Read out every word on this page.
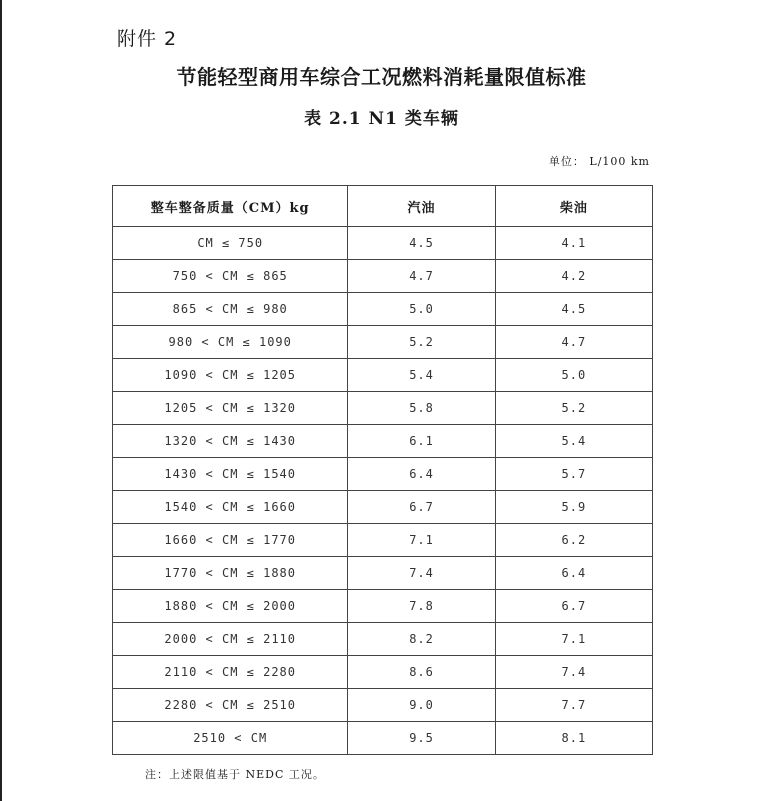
附件 2
节能轻型商用车综合工况燃料消耗量限值标准
表 2.1 N1 类车辆
单位： L/100 km
整车整备质量（CM）kg	汽油	柴油
CM ≤ 750	4.5	4.1
750 < CM ≤ 865	4.7	4.2
865 < CM ≤ 980	5.0	4.5
980 < CM ≤ 1090	5.2	4.7
1090 < CM ≤ 1205	5.4	5.0
1205 < CM ≤ 1320	5.8	5.2
1320 < CM ≤ 1430	6.1	5.4
1430 < CM ≤ 1540	6.4	5.7
1540 < CM ≤ 1660	6.7	5.9
1660 < CM ≤ 1770	7.1	6.2
1770 < CM ≤ 1880	7.4	6.4
1880 < CM ≤ 2000	7.8	6.7
2000 < CM ≤ 2110	8.2	7.1
2110 < CM ≤ 2280	8.6	7.4
2280 < CM ≤ 2510	9.0	7.7
2510 < CM	9.5	8.1
注：上述限值基于 NEDC 工况。
